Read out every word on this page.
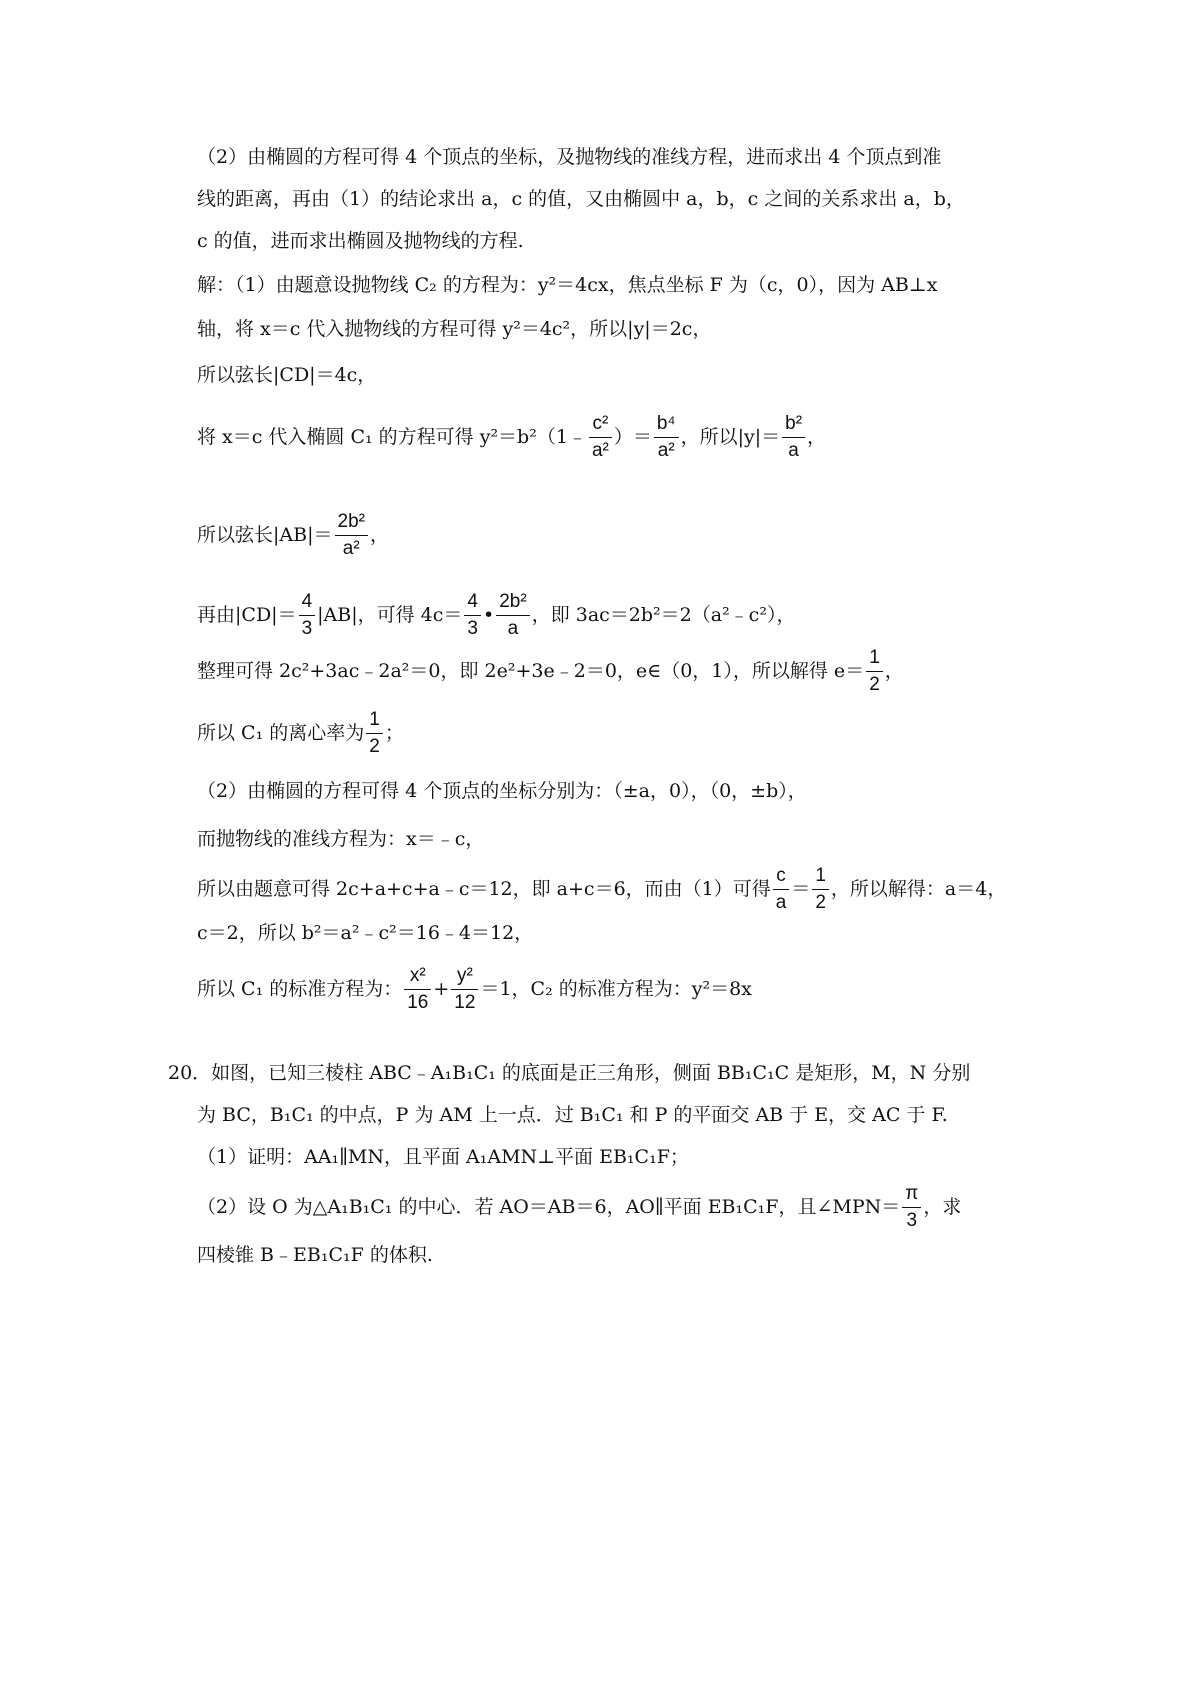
（2）由椭圆的方程可得 4 个顶点的坐标，及抛物线的准线方程，进而求出 4 个顶点到准
线的距离，再由（1）的结论求出 a，c 的值，又由椭圆中 a，b，c 之间的关系求出 a，b，
c 的值，进而求出椭圆及抛物线的方程.
解：（1）由题意设抛物线 C₂ 的方程为：y²＝4cx，焦点坐标 F 为（c，0），因为 AB⊥x
轴，将 x＝c 代入抛物线的方程可得 y²＝4c²，所以|y|＝2c，
所以弦长|CD|＝4c，
将 x＝c 代入椭圆 C₁ 的方程可得 y²＝b²（1﹣ $\frac{\text{c²}}{\text{a²}}$ ）＝ $\frac{\text{b⁴}}{\text{a²}}$ ，所以$|y|= \frac{\text{b²}}{a}$ ，
所以弦长$|AB|= \frac{\text{2b²}}{\text{a²}}$ ，
再由$|CD|= \frac{4}{3} |AB|$，可得 $4c= \frac{4}{3}$ • $\frac{\text{2b²}}{a}$ ，即 3ac＝2b²＝2（a²﹣c²），
整理可得 2c²+3ac﹣2a²＝0，即 2e²+3e﹣2＝0，e∈（0，1），所以解得 $e= \frac{1}{2}$ ，
所以 C₁ 的离心率为 $\frac{1}{2}$ ；
（2）由椭圆的方程可得 4 个顶点的坐标分别为：（±a，0），（0，±b），
而抛物线的准线方程为：x＝﹣c，
所以由题意可得 2c+a+c+a﹣c＝12，即 a+c＝6，而由（1）可得 $\frac{c}{a} = \frac{1}{2}$ ，所以解得：a＝4，
c＝2，所以 b²＝a²﹣c²＝16﹣4＝12，
所以 C₁ 的标准方程为： $\frac{\text{x²}}{16} + \frac{\text{y²}}{12} =1$，C₂ 的标准方程为：y²＝8x
20．如图，已知三棱柱 ABC﹣A₁B₁C₁ 的底面是正三角形，侧面 BB₁C₁C 是矩形，M，N 分别
为 BC，B₁C₁ 的中点，P 为 AM 上一点．过 B₁C₁ 和 P 的平面交 AB 于 E，交 AC 于 F.
（1）证明：AA₁∥MN，且平面 A₁AMN⊥平面 EB₁C₁F；
（2）设 O 为△A₁B₁C₁ 的中心．若 AO＝AB＝6，AO∥平面 EB₁C₁F，且∠MPN＝ $\frac{\pi}{3}$ ，求
四棱锥 B﹣EB₁C₁F 的体积.
